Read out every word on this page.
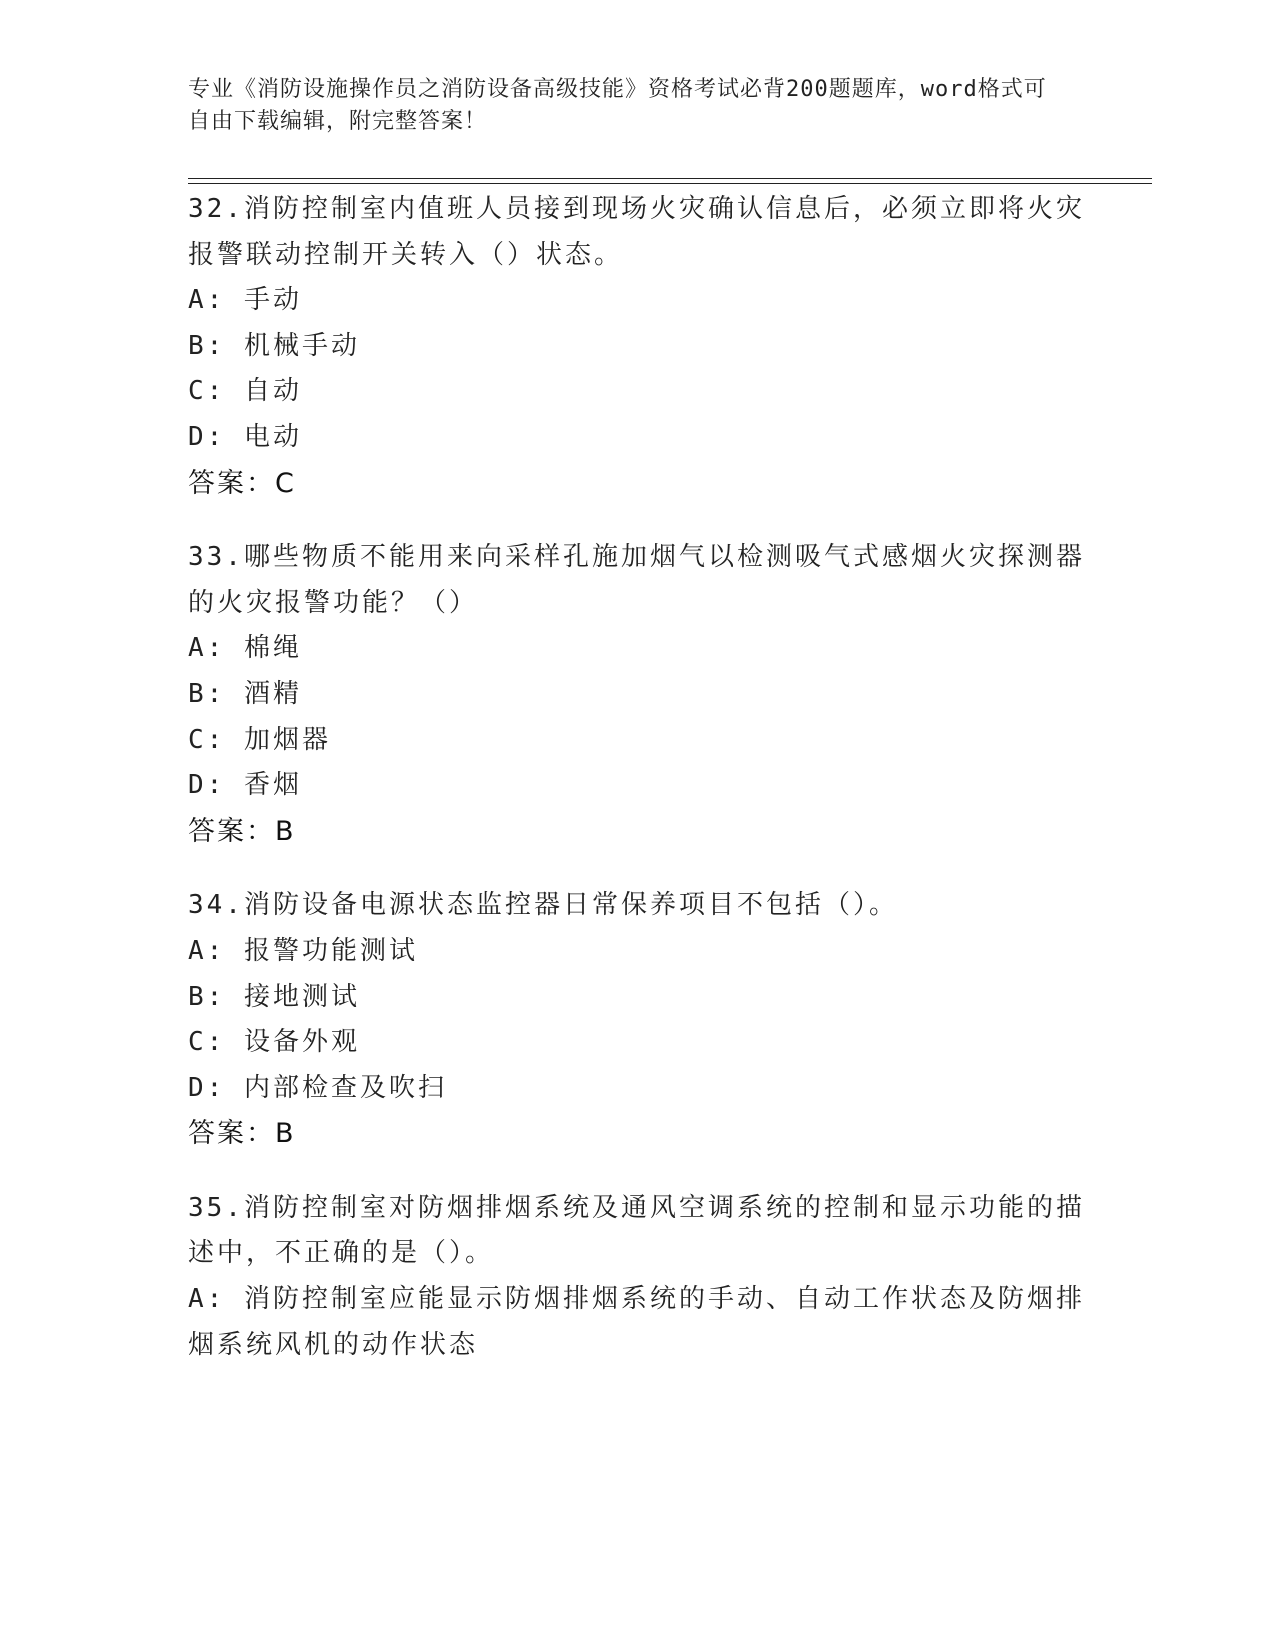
专业《消防设施操作员之消防设备高级技能》资格考试必背200题题库，word格式可自由下载编辑，附完整答案！

32.消防控制室内值班人员接到现场火灾确认信息后，必须立即将火灾报警联动控制开关转入（）状态。

A: 手动

B: 机械手动

C: 自动

D: 电动

答案：C

33.哪些物质不能用来向采样孔施加烟气以检测吸气式感烟火灾探测器的火灾报警功能？（）

A: 棉绳

B: 酒精

C: 加烟器

D: 香烟

答案：B

34.消防设备电源状态监控器日常保养项目不包括（）。

A: 报警功能测试

B: 接地测试

C: 设备外观

D: 内部检查及吹扫

答案：B

35.消防控制室对防烟排烟系统及通风空调系统的控制和显示功能的描述中，不正确的是（）。

A: 消防控制室应能显示防烟排烟系统的手动、自动工作状态及防烟排烟系统风机的动作状态
